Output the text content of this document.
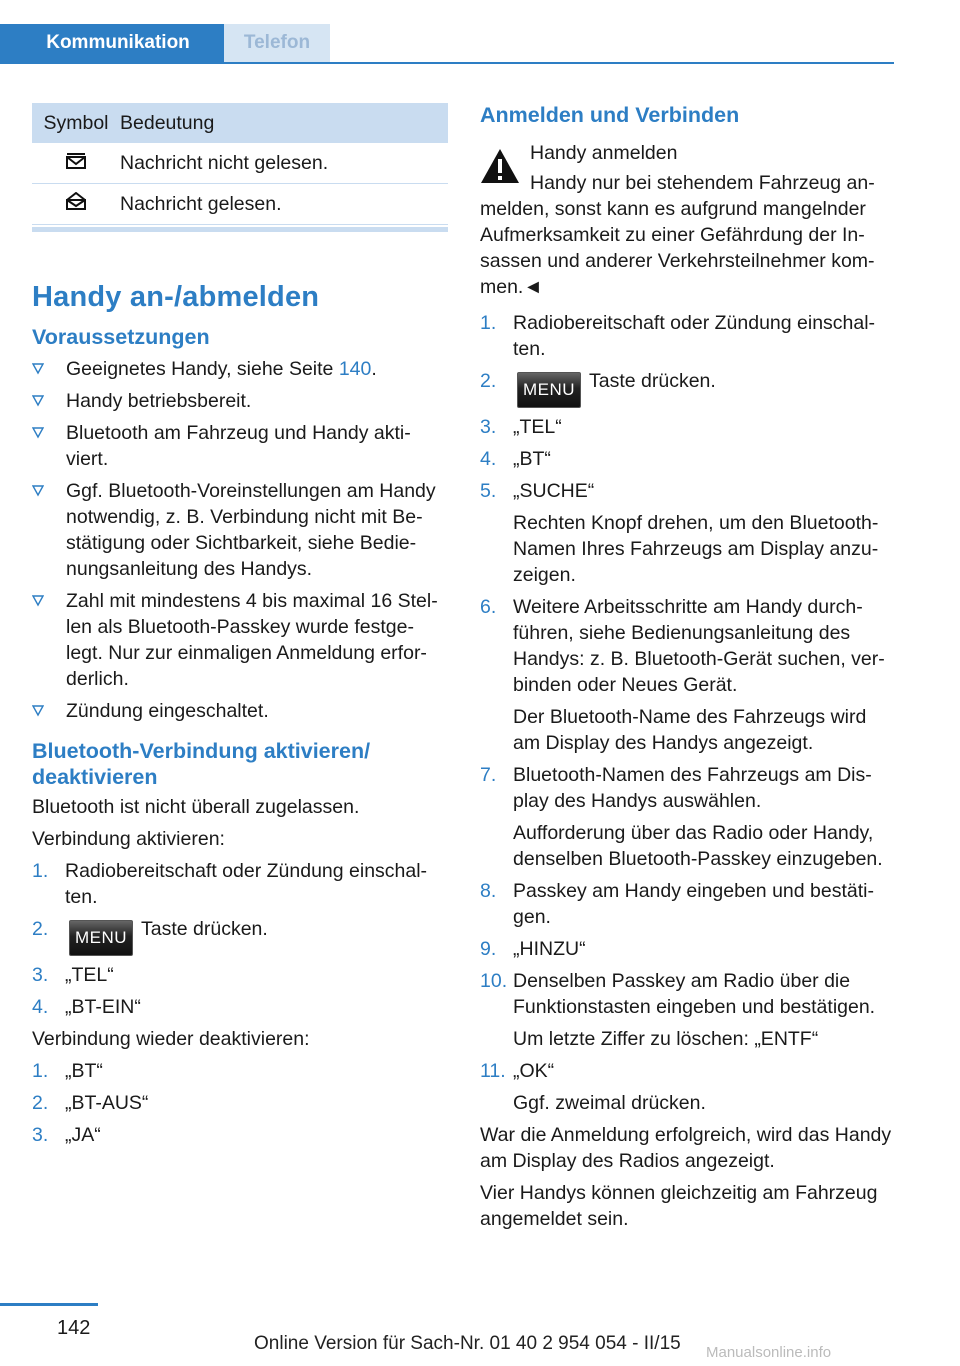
Kommunikation	Telefon
Symbol	Bedeutung
	Nachricht nicht gelesen.
	Nachricht gelesen.
Handy an-/abmelden
Voraussetzungen
Geeignetes Handy, siehe Seite 140.
Handy betriebsbereit.
Bluetooth am Fahrzeug und Handy akti‐ viert.
Ggf. Bluetooth-Voreinstellungen am Handy notwendig, z. B. Verbindung nicht mit Be‐ stätigung oder Sichtbarkeit, siehe Bedie‐ nungsanleitung des Handys.
Zahl mit mindestens 4 bis maximal 16 Stel‐ len als Bluetooth-Passkey wurde festge‐ legt. Nur zur einmaligen Anmeldung erfor‐ derlich.
Zündung eingeschaltet.
Bluetooth-Verbindung aktivieren/ deaktivieren

Bluetooth ist nicht überall zugelassen.

Verbindung aktivieren:

1. Radiobereitschaft oder Zündung einschal‐ ten.
2. MENU Taste drücken.
3. „TEL“
4. „BT-EIN“

Verbindung wieder deaktivieren:

1. „BT“
2. „BT-AUS“
3. „JA“
Anmelden und Verbinden
Handy anmelden
Handy nur bei stehendem Fahrzeug an‐
melden, sonst kann es aufgrund mangelnder Aufmerksamkeit zu einer Gefährdung der In‐ sassen und anderer Verkehrsteilnehmer kom‐ men.◄
1. Radiobereitschaft oder Zündung einschal‐ ten.
2. MENU Taste drücken.
3. „TEL“
4. „BT“
5. „SUCHE“
Rechten Knopf drehen, um den Bluetooth- Namen Ihres Fahrzeugs am Display anzu‐ zeigen.
6. Weitere Arbeitsschritte am Handy durch‐ führen, siehe Bedienungsanleitung des Handys: z. B. Bluetooth-Gerät suchen, ver‐ binden oder Neues Gerät.
Der Bluetooth-Name des Fahrzeugs wird am Display des Handys angezeigt.
7. Bluetooth-Namen des Fahrzeugs am Dis‐ play des Handys auswählen.
Aufforderung über das Radio oder Handy, denselben Bluetooth-Passkey einzugeben.
8. Passkey am Handy eingeben und bestäti‐ gen.
9. „HINZU“
10. Denselben Passkey am Radio über die Funktionstasten eingeben und bestätigen.
Um letzte Ziffer zu löschen: „ENTF“
11. „OK“
Ggf. zweimal drücken.

War die Anmeldung erfolgreich, wird das Handy am Display des Radios angezeigt.

Vier Handys können gleichzeitig am Fahrzeug angemeldet sein.

142
Online Version für Sach-Nr. 01 40 2 954 054 - II/15 Manualsonline.info
